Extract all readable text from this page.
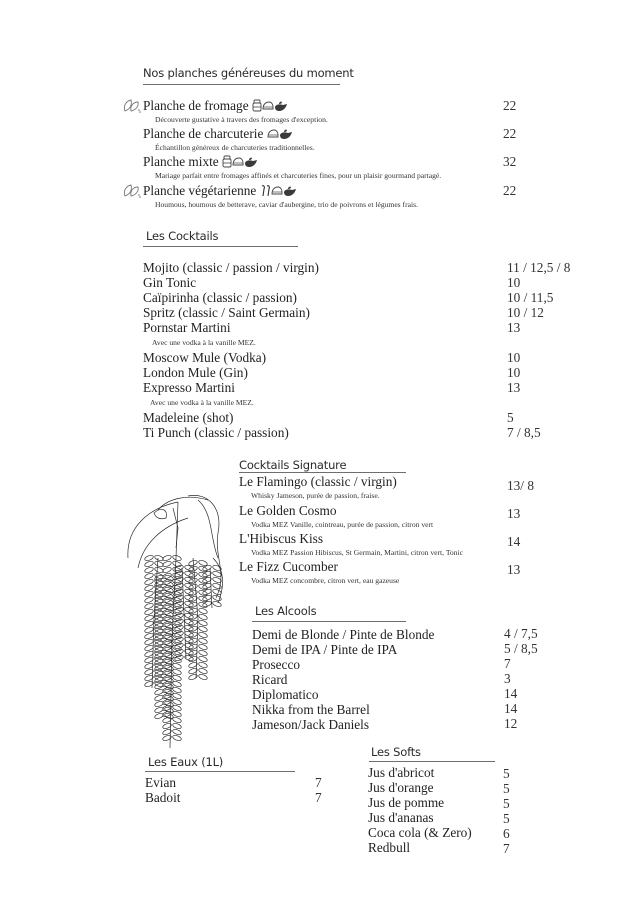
Nos planches généreuses du moment
Planche de fromage	22
Découverte gustative à travers des fromages d'exception.
Planche de charcuterie	22
Échantillon généreux de charcuteries traditionnelles.
Planche mixte	32
Mariage parfait entre fromages affinés et charcuteries fines, pour un plaisir gourmand partagé.
Planche végétarienne	22
Houmous, houmous de betterave, caviar d'aubergine, trio de poivrons et légumes frais.
Les Cocktails
Mojito (classic / passion / virgin)	11 / 12,5 / 8
Gin Tonic	10
Caïpirinha (classic / passion)	10 / 11,5
Spritz (classic / Saint Germain)	10 / 12
Pornstar Martini	13
Avec une vodka à la vanille MEZ.
Moscow Mule (Vodka)	10
London Mule (Gin)	10
Expresso Martini	13
Avec une vodka à la vanille MEZ.
Madeleine (shot)	5
Ti Punch (classic / passion)	7 / 8,5
Cocktails Signature
Le Flamingo (classic / virgin)	13/ 8
Whisky Jameson, purée de passion, fraise.
Le Golden Cosmo	13
Vodka MEZ Vanille, cointreau, purée de passion, citron vert
L'Hibiscus Kiss	14
Vodka MEZ Passion Hibiscus, St Germain, Martini, citron vert, Tonic
Le Fizz Cucomber	13
Vodka MEZ concombre, citron vert, eau gazeuse
Les Alcools
Demi de Blonde / Pinte de Blonde	4 / 7,5
Demi de IPA / Pinte de IPA	5 / 8,5
Prosecco	7
Ricard	3
Diplomatico	14
Nikka from the Barrel	14
Jameson/Jack Daniels	12
Les Eaux (1L)
Evian	7
Badoit	7
Les Softs
Jus d'abricot	5
Jus d'orange	5
Jus de pomme	5
Jus d'ananas	5
Coca cola (& Zero) 6
Redbull	7
